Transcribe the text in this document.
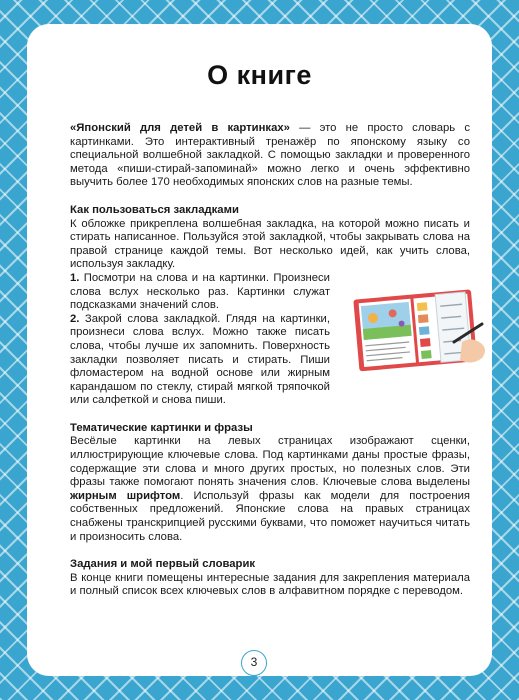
О книге

«Японский для детей в картинках» — это не просто словарь с картинками. Это интерактивный тренажёр по японскому языку со специальной волшебной закладкой. С помощью закладки и проверенного метода «пиши-стирай-запоминай» можно легко и очень эффективно выучить более 170 необходимых японских слов на разные темы.

Как пользоваться закладками

К обложке прикреплена волшебная закладка, на которой можно писать и стирать написанное. Пользуйся этой закладкой, чтобы закрывать слова на правой странице каждой темы. Вот несколько идей, как учить слова, используя закладку.

1. Посмотри на слова и на картинки. Произнеси слова вслух несколько раз. Картинки служат подсказками значений слов.

2. Закрой слова закладкой. Глядя на картинки, произнеси слова вслух. Можно также писать слова, чтобы лучше их запомнить. Поверхность закладки позволяет писать и стирать. Пиши фломастером на водной основе или жирным карандашом по стеклу, стирай мягкой тряпочкой или салфеткой и снова пиши.

Тематические картинки и фразы

Весёлые картинки на левых страницах изображают сценки, иллюстрирующие ключевые слова. Под картинками даны простые фразы, содержащие эти слова и много других простых, но полезных слов. Эти фразы также помогают понять значения слов. Ключевые слова выделены жирным шрифтом. Используй фразы как модели для построения собственных предложений. Японские слова на правых страницах снабжены транскрипцией русскими буквами, что поможет научиться читать и произносить слова.

Задания и мой первый словарик

В конце книги помещены интересные задания для закрепления материала и полный список всех ключевых слов в алфавитном порядке с переводом.

3
